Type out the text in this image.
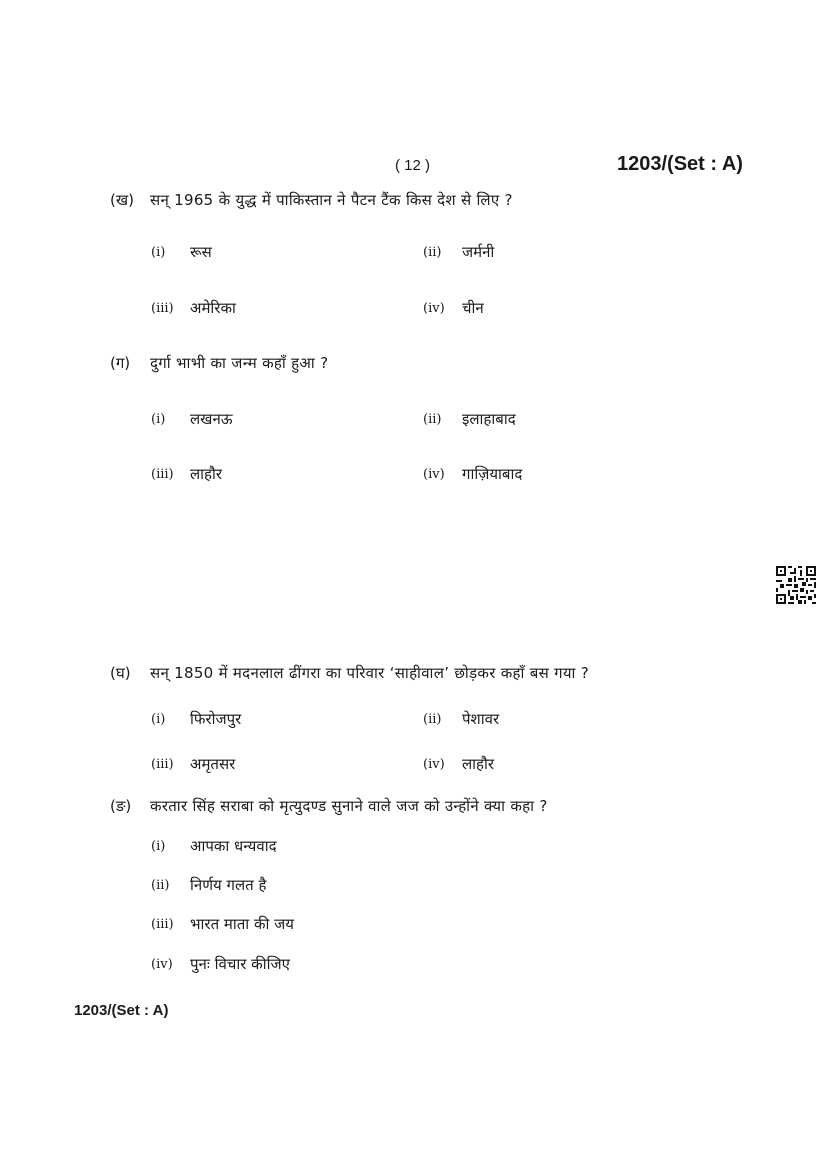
( 12 )	1203/(Set : A)
(ख) सन् 1965 के युद्ध में पाकिस्तान ने पैटन टैंक किस देश से लिए ?
(i) रूस	(ii) जर्मनी
(iii) अमेरिका	(iv) चीन
(ग) दुर्गा भाभी का जन्म कहाँ हुआ ?
(i) लखनऊ	(ii) इलाहाबाद
(iii) लाहौर	(iv) गाज़ियाबाद
(घ) सन् 1850 में मदनलाल ढींगरा का परिवार ‘साहीवाल’ छोड़कर कहाँ बस गया ?
(i) फिरोजपुर	(ii) पेशावर
(iii) अमृतसर	(iv) लाहौर
(ङ) करतार सिंह सराबा को मृत्युदण्ड सुनाने वाले जज को उन्होंने क्या कहा ?
(i) आपका धन्यवाद
(ii) निर्णय गलत है
(iii) भारत माता की जय
(iv) पुनः विचार कीजिए
1203/(Set : A)
